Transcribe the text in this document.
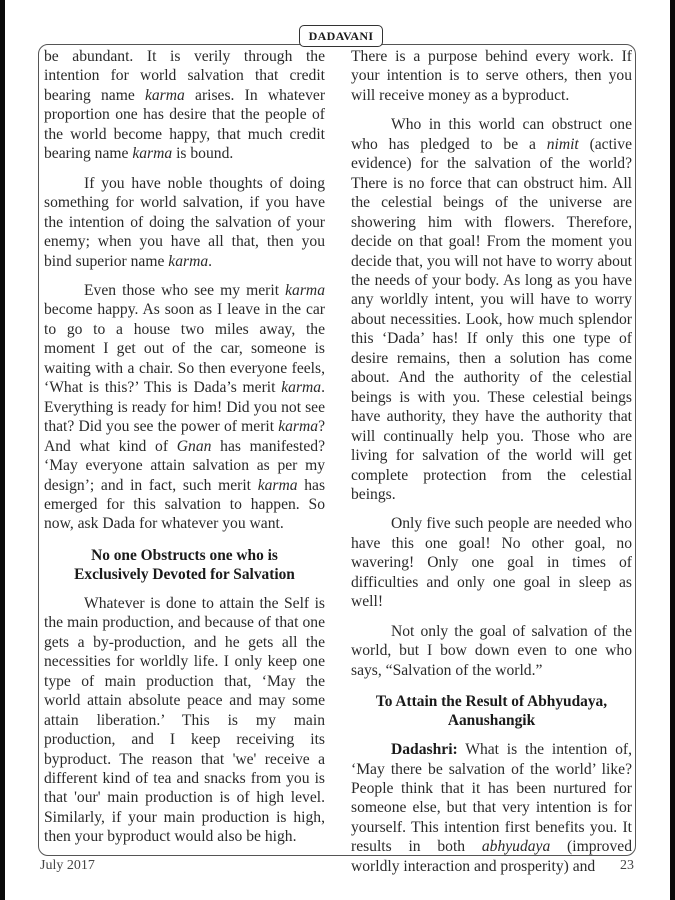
DADAVANI

be abundant. It is verily through the intention for world salvation that credit bearing name karma arises. In whatever proportion one has desire that the people of the world become happy, that much credit bearing name karma is bound.

If you have noble thoughts of doing something for world salvation, if you have the intention of doing the salvation of your enemy; when you have all that, then you bind superior name karma.

Even those who see my merit karma become happy. As soon as I leave in the car to go to a house two miles away, the moment I get out of the car, someone is waiting with a chair. So then everyone feels, ‘What is this?’ This is Dada’s merit karma. Everything is ready for him! Did you not see that? Did you see the power of merit karma? And what kind of Gnan has manifested? ‘May everyone attain salvation as per my design’; and in fact, such merit karma has emerged for this salvation to happen. So now, ask Dada for whatever you want.

No one Obstructs one who is
Exclusively Devoted for Salvation

Whatever is done to attain the Self is the main production, and because of that one gets a by-production, and he gets all the necessities for worldly life. I only keep one type of main production that, ‘May the world attain absolute peace and may some attain liberation.’ This is my main production, and I keep receiving its byproduct. The reason that 'we' receive a different kind of tea and snacks from you is that 'our' main production is of high level. Similarly, if your main production is high, then your byproduct would also be high.

There is a purpose behind every work. If your intention is to serve others, then you will receive money as a byproduct.

Who in this world can obstruct one who has pledged to be a nimit (active evidence) for the salvation of the world? There is no force that can obstruct him. All the celestial beings of the universe are showering him with flowers. Therefore, decide on that goal! From the moment you decide that, you will not have to worry about the needs of your body. As long as you have any worldly intent, you will have to worry about necessities. Look, how much splendor this ‘Dada’ has! If only this one type of desire remains, then a solution has come about. And the authority of the celestial beings is with you. These celestial beings have authority, they have the authority that will continually help you. Those who are living for salvation of the world will get complete protection from the celestial beings.

Only five such people are needed who have this one goal! No other goal, no wavering! Only one goal in times of difficulties and only one goal in sleep as well!

Not only the goal of salvation of the world, but I bow down even to one who says, “Salvation of the world.”

To Attain the Result of Abhyudaya,
Aanushangik

Dadashri: What is the intention of, ‘May there be salvation of the world’ like? People think that it has been nurtured for someone else, but that very intention is for yourself. This intention first benefits you. It results in both abhyudaya (improved worldly interaction and prosperity) and

July 2017	23
